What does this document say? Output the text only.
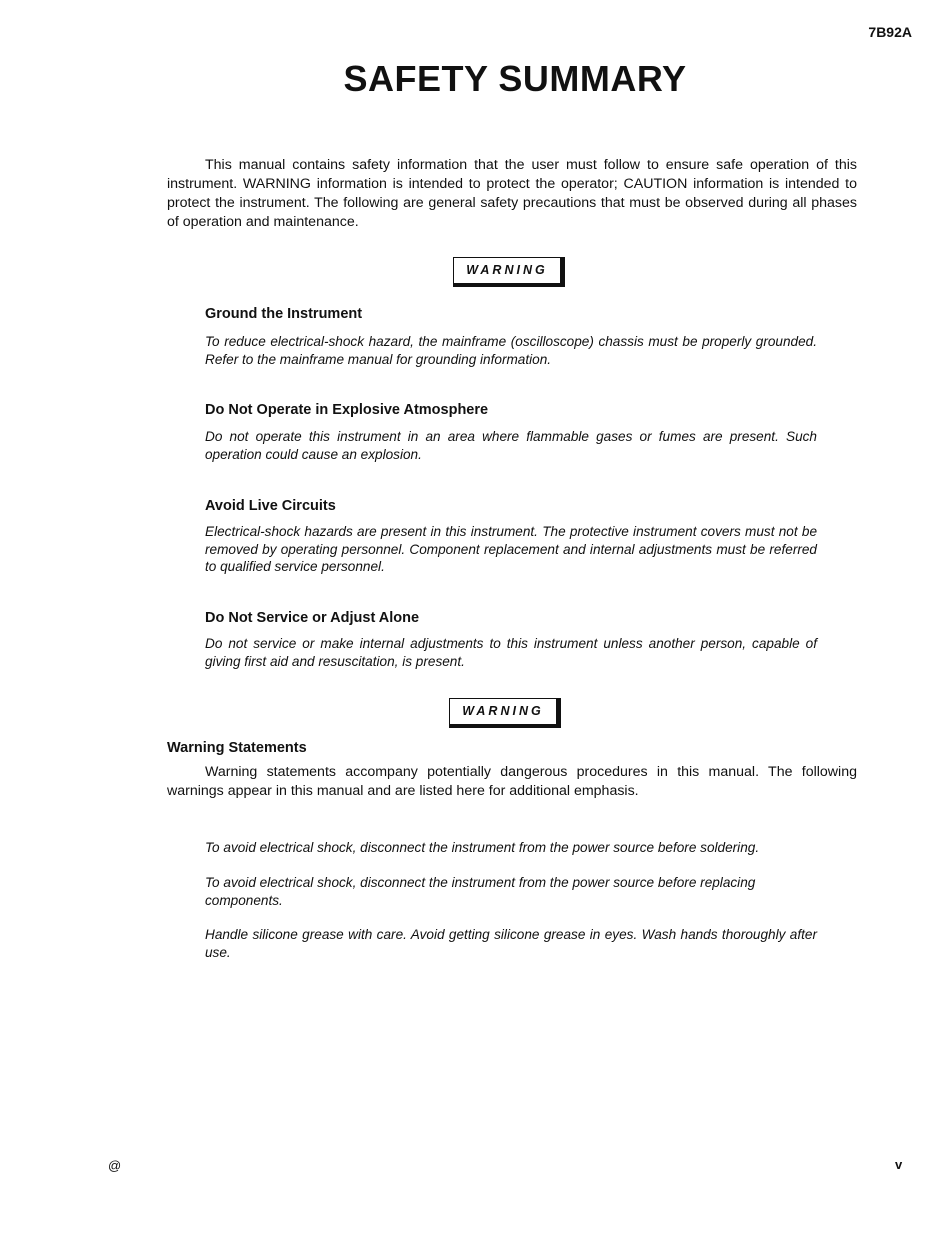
7B92A
SAFETY SUMMARY

This manual contains safety information that the user must follow to ensure safe operation of this instrument. WARNING information is intended to protect the operator; CAUTION information is intended to protect the instrument. The following are general safety precautions that must be observed during all phases of operation and maintenance.

WARNING
Ground the Instrument

To reduce electrical-shock hazard, the mainframe (oscilloscope) chassis must be properly grounded. Refer to the mainframe manual for grounding information.

Do Not Operate in Explosive Atmosphere

Do not operate this instrument in an area where flammable gases or fumes are present. Such operation could cause an explosion.

Avoid Live Circuits

Electrical-shock hazards are present in this instrument. The protective instrument covers must not be removed by operating personnel. Component replacement and internal adjustments must be referred to qualified service personnel.

Do Not Service or Adjust Alone

Do not service or make internal adjustments to this instrument unless another person, capable of giving first aid and resuscitation, is present.

WARNING
Warning Statements

Warning statements accompany potentially dangerous procedures in this manual. The following warnings appear in this manual and are listed here for additional emphasis.

To avoid electrical shock, disconnect the instrument from the power source before soldering.

To avoid electrical shock, disconnect the instrument from the power source before replacing components.

Handle silicone grease with care. Avoid getting silicone grease in eyes. Wash hands thoroughly after use.

@	v
